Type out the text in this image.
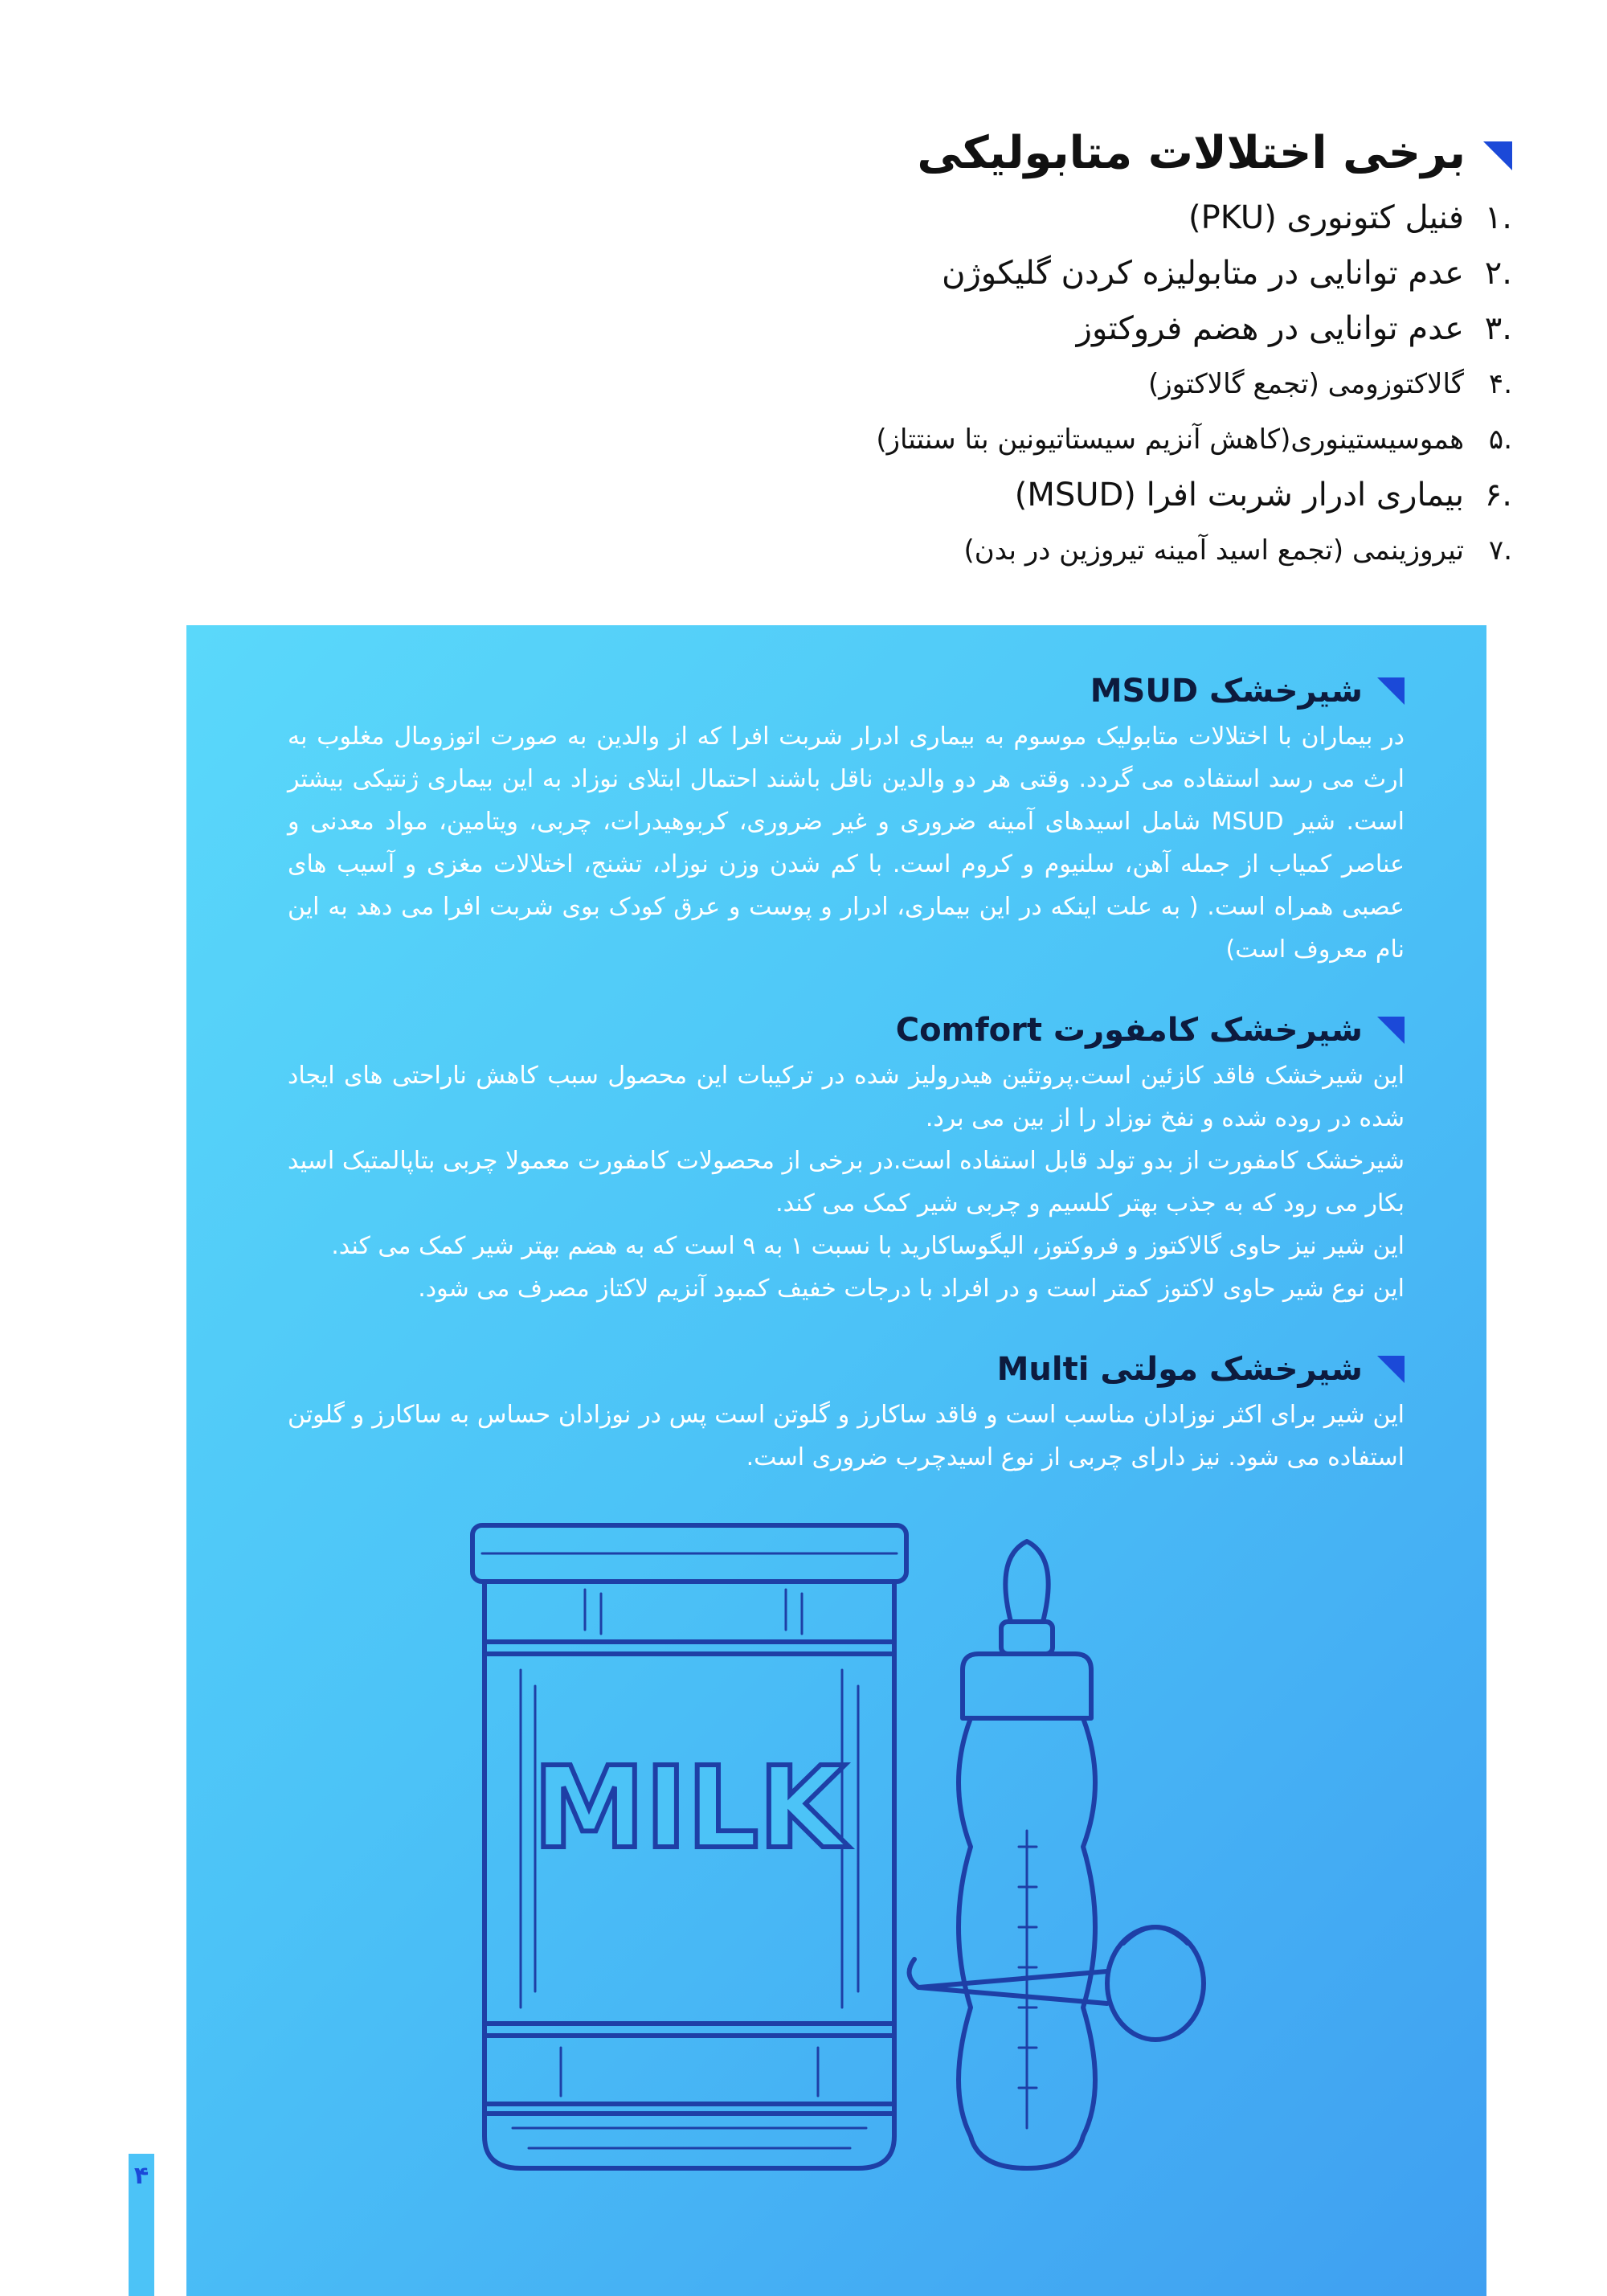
برخی اختلالات متابولیکی
.۱
فنیل کتونوری (PKU)
.۲
عدم توانایی در متابولیزه کردن گلیکوژن
.۳
عدم توانایی در هضم فروکتوز
.۴
گالاکتوزومی (تجمع گالاکتوز)
.۵
هموسیستینوری(کاهش آنزیم سیستاتیونین بتا سنتتاز)
.۶
بیماری ادرار شربت افرا (MSUD)
.۷
تیروزینمی (تجمع اسید آمینه تیروزین در بدن)
شیرخشک MSUD

در بیماران با اختلالات متابولیک موسوم به بیماری ادرار شربت افرا که از والدین به صورت اتوزومال مغلوب به ارث می رسد استفاده می گردد. وقتی هر دو والدین ناقل باشند احتمال ابتلای نوزاد به این بیماری ژنتیکی بیشتر است. شیر MSUD شامل اسیدهای آمینه ضروری و غیر ضروری، کربوهیدرات، چربی، ویتامین، مواد معدنی و عناصر کمیاب از جمله آهن، سلنیوم و کروم است. با کم شدن وزن نوزاد، تشنج، اختلالات مغزی و آسیب های عصبی همراه است. ( به علت اینکه در این بیماری، ادرار و پوست و عرق کودک بوی شربت افرا می دهد به این نام معروف است)

شیرخشک کامفورت Comfort

این شیرخشک فاقد کازئین است.پروتئین هیدرولیز شده در ترکیبات این محصول سبب کاهش ناراحتی های ایجاد شده در روده شده و نفخ نوزاد را از بین می برد.

شیرخشک کامفورت از بدو تولد قابل استفاده است.در برخی از محصولات کامفورت معمولا چربی بتاپالمتیک اسید بکار می رود که به جذب بهتر کلسیم و چربی شیر کمک می کند.

این شیر نیز حاوی گالاکتوز و فروکتوز، الیگوساکارید با نسبت ۱ به ۹ است که به هضم بهتر شیر کمک می کند.

این نوع شیر حاوی لاکتوز کمتر است و در افراد با درجات خفیف کمبود آنزیم لاکتاز مصرف می شود.

شیرخشک مولتی Multi

این شیر برای اکثر نوزادان مناسب است و فاقد ساکارز و گلوتن است پس در نوزادان حساس به ساکارز و گلوتن استفاده می شود. نیز دارای چربی از نوع اسیدچرب ضروری است.

MILK
۴
